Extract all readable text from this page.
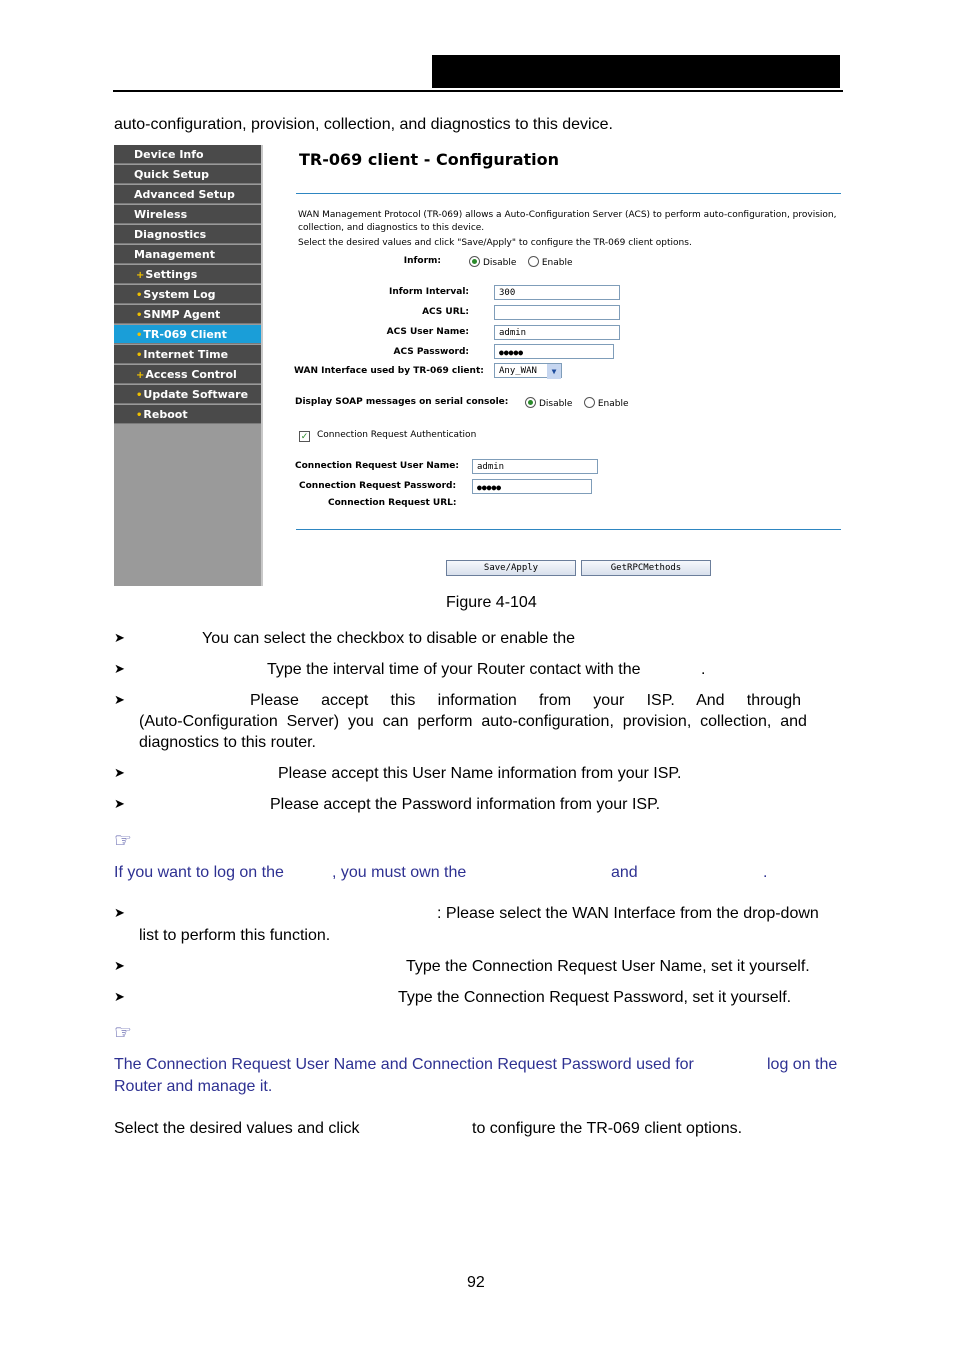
auto-configuration, provision, collection, and diagnostics to this device.
Device Info
Quick Setup
Advanced Setup
Wireless
Diagnostics
Management
+Settings
•System Log
•SNMP Agent
•TR-069 Client
•Internet Time
+Access Control
•Update Software
•Reboot
TR-069 client - Configuration
WAN Management Protocol (TR-069) allows a Auto-Configuration Server (ACS) to perform auto-configuration, provision,
collection, and diagnostics to this device.
Select the desired values and click "Save/Apply" to configure the TR-069 client options.
Inform:	Disable	Enable
Inform Interval:	300
ACS URL:
ACS User Name:	admin
ACS Password:	●●●●●
WAN Interface used by TR-069 client:	Any_WAN	▼
Display SOAP messages on serial console:	Disable	Enable
✓ Connection Request Authentication
Connection Request User Name:	admin
Connection Request Password:	●●●●●
Connection Request URL:
Save/Apply	GetRPCMethods
Figure 4-104
➤	You can select the checkbox to disable or enable the
➤	Type the interval time of your Router contact with the	.
➤	Please     accept     this     information     from     your     ISP.     And     through
(Auto-Configuration  Server)  you  can  perform  auto-configuration,  provision,  collection,  and
diagnostics to this router.
➤	Please accept this User Name information from your ISP.
➤	Please accept the Password information from your ISP.
☞
If you want to log on the	, you must own the	and	.
➤	: Please select the WAN Interface from the drop-down
list to perform this function.
➤	Type the Connection Request User Name, set it yourself.
➤	Type the Connection Request Password, set it yourself.
☞
The Connection Request User Name and Connection Request Password used for	log on the
Router and manage it.
Select the desired values and click	to configure the TR-069 client options.
92
